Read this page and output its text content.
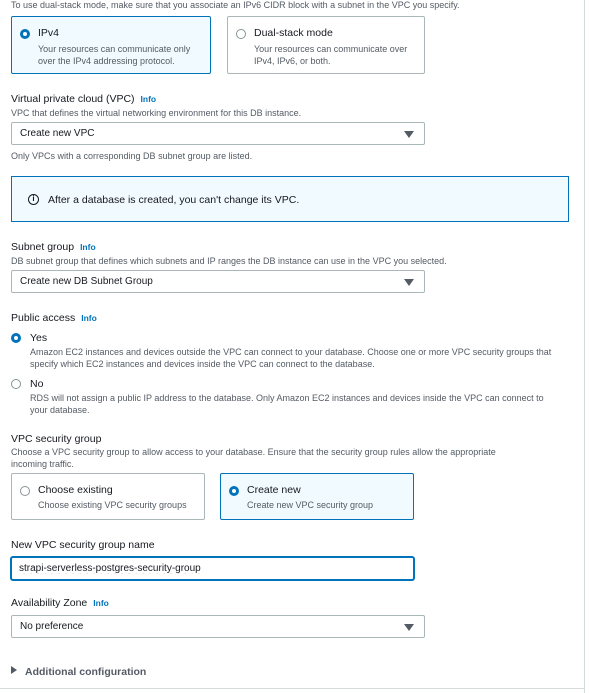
To use dual-stack mode, make sure that you associate an IPv6 CIDR block with a subnet in the VPC you specify.
IPv4
Your resources can communicate only
over the IPv4 addressing protocol.
Dual-stack mode
Your resources can communicate over
IPv4, IPv6, or both.
Virtual private cloud (VPC) Info
VPC that defines the virtual networking environment for this DB instance.
Create new VPC
Only VPCs with a corresponding DB subnet group are listed.
i	After a database is created, you can't change its VPC.
Subnet group Info
DB subnet group that defines which subnets and IP ranges the DB instance can use in the VPC you selected.
Create new DB Subnet Group
Public access Info
Yes
Amazon EC2 instances and devices outside the VPC can connect to your database. Choose one or more VPC security groups that
specify which EC2 instances and devices inside the VPC can connect to the database.
No
RDS will not assign a public IP address to the database. Only Amazon EC2 instances and devices inside the VPC can connect to
your database.
VPC security group
Choose a VPC security group to allow access to your database. Ensure that the security group rules allow the appropriate
incoming traffic.
Choose existing
Choose existing VPC security groups
Create new
Create new VPC security group
New VPC security group name
strapi-serverless-postgres-security-group
Availability Zone Info
No preference
Additional configuration
